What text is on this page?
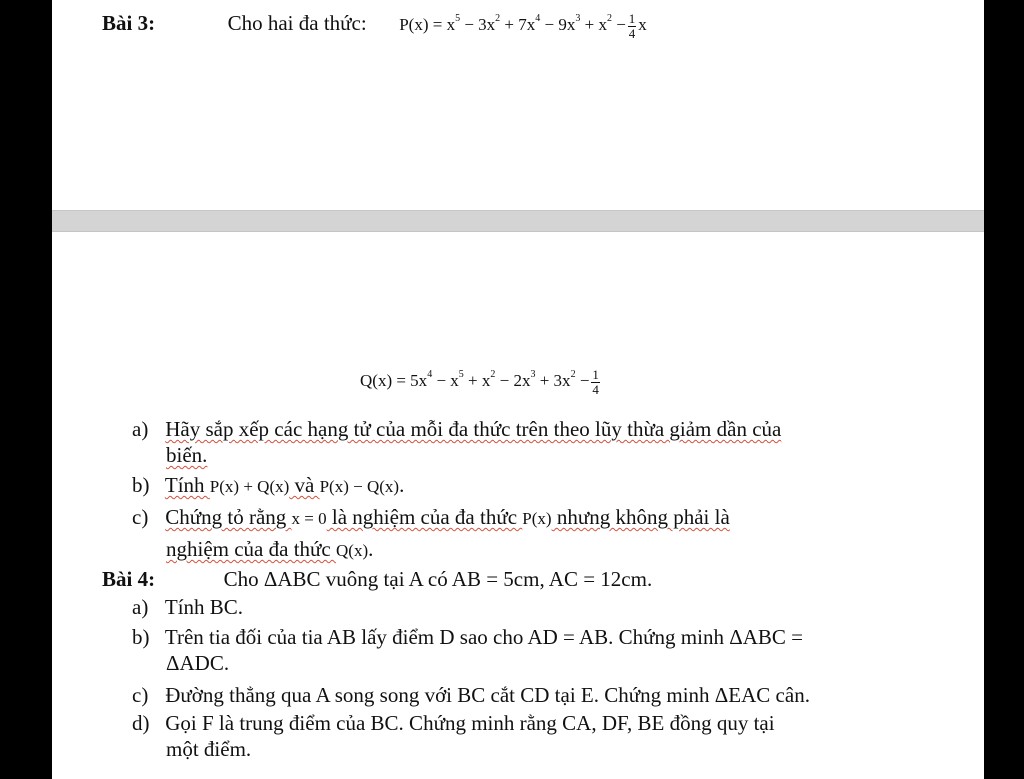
Bài 3:	Cho hai đa thức: $P(x) = x^5 - 3x^2 + 7x^4 - 9x^3 + x^2 - \frac{1}{4}$ x
$Q(x) = 5x^4 - x^5 + x^2 - 2x^3 + 3x^2 - \frac{1}{4}$
a) Hãy sắp xếp các hạng tử của mỗi đa thức trên theo lũy thừa giảm dần của
biến.
b) Tính P(x) + Q(x) và P(x) − Q(x).
c) Chứng tỏ rằng x = 0 là nghiệm của đa thức P(x) nhưng không phải là
nghiệm của đa thức Q(x).
Bài 4:	Cho ΔABC vuông tại A có AB = 5cm, AC = 12cm.
a) Tính BC.
b) Trên tia đối của tia AB lấy điểm D sao cho AD = AB. Chứng minh ΔABC =
ΔADC.
c) Đường thẳng qua A song song với BC cắt CD tại E. Chứng minh ΔEAC cân.
d) Gọi F là trung điểm của BC. Chứng minh rằng CA, DF, BE đồng quy tại
một điểm.
